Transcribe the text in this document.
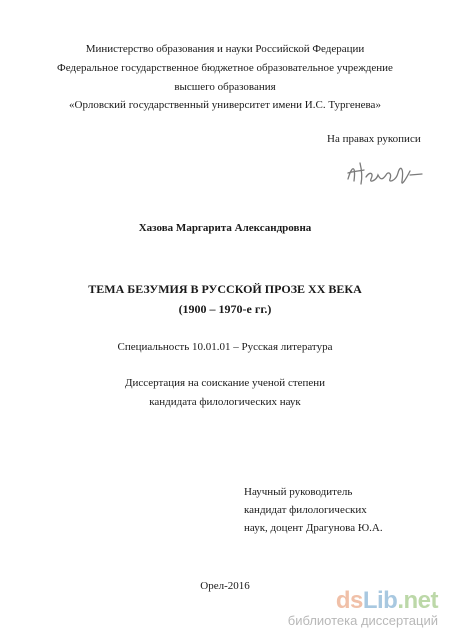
Министерство образования и науки Российской Федерации
Федеральное государственное бюджетное образовательное учреждение
высшего образования
«Орловский государственный университет имени И.С. Тургенева»
На правах рукописи
Хазова Маргарита Александровна
ТЕМА БЕЗУМИЯ В РУССКОЙ ПРОЗЕ XX ВЕКА
(1900 – 1970-е гг.)
Специальность 10.01.01 – Русская литература
Диссертация на соискание ученой степени
кандидата филологических наук
Научный руководитель
кандидат филологических
наук, доцент Драгунова Ю.А.
Орел-2016
dsLib.net
библиотека диссертаций
